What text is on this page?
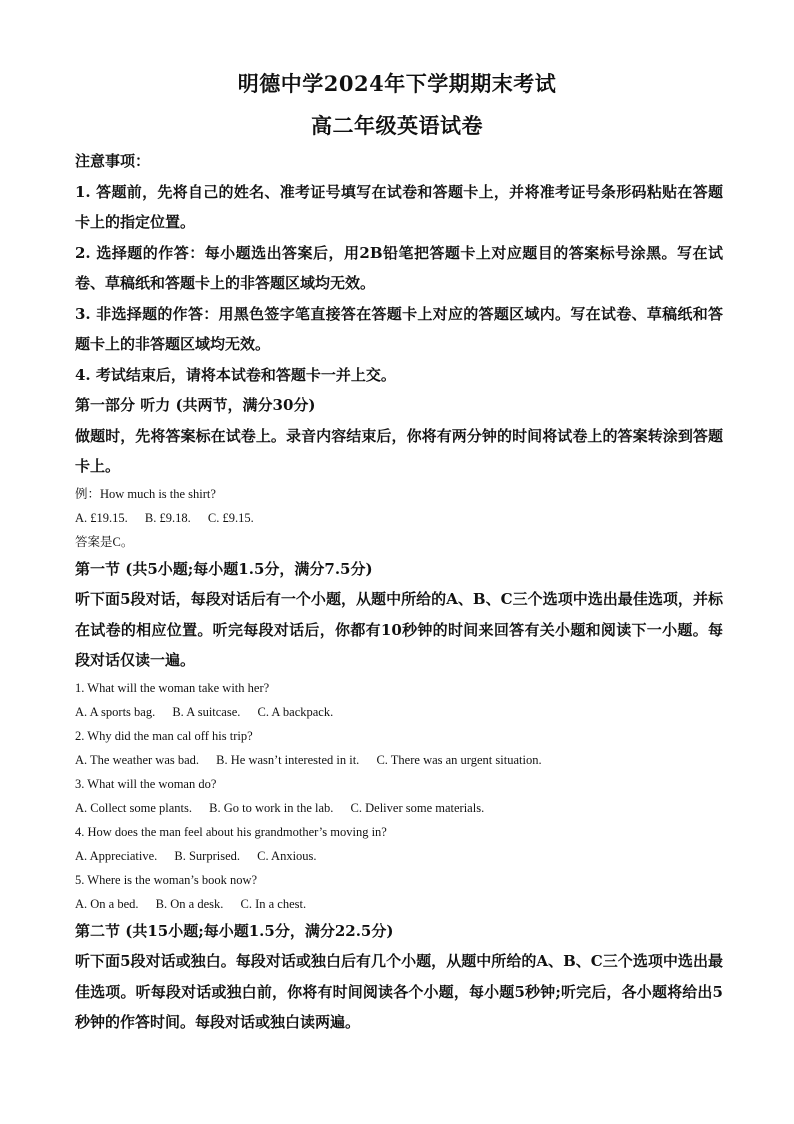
明德中学2024年下学期期末考试
高二年级英语试卷

注意事项：

1. 答题前，先将自己的姓名、准考证号填写在试卷和答题卡上，并将准考证号条形码粘贴在答题卡上的指定位置。

2. 选择题的作答：每小题选出答案后，用2B铅笔把答题卡上对应题目的答案标号涂黑。写在试卷、草稿纸和答题卡上的非答题区域均无效。

3. 非选择题的作答：用黑色签字笔直接答在答题卡上对应的答题区域内。写在试卷、草稿纸和答题卡上的非答题区域均无效。

4. 考试结束后，请将本试卷和答题卡一并上交。

第一部分 听力 (共两节，满分30分)

做题时，先将答案标在试卷上。录音内容结束后，你将有两分钟的时间将试卷上的答案转涂到答题卡上。

例：How much is the shirt?

A. £19.15. B. £9.18. C. £9.15.

答案是C。

第一节 (共5小题;每小题1.5分，满分7.5分)

听下面5段对话，每段对话后有一个小题，从题中所给的A、B、C三个选项中选出最佳选项，并标在试卷的相应位置。听完每段对话后，你都有10秒钟的时间来回答有关小题和阅读下一小题。每段对话仅读一遍。

1. What will the woman take with her?

A. A sports bag. B. A suitcase. C. A backpack.

2. Why did the man cal off his trip?

A. The weather was bad. B. He wasn’t interested in it. C. There was an urgent situation.

3. What will the woman do?

A. Collect some plants. B. Go to work in the lab. C. Deliver some materials.

4. How does the man feel about his grandmother’s moving in?

A. Appreciative. B. Surprised. C. Anxious.

5. Where is the woman’s book now?

A. On a bed. B. On a desk. C. In a chest.

第二节 (共15小题;每小题1.5分，满分22.5分)

听下面5段对话或独白。每段对话或独白后有几个小题，从题中所给的A、B、C三个选项中选出最佳选项。听每段对话或独白前，你将有时间阅读各个小题，每小题5秒钟;听完后，各小题将给出5秒钟的作答时间。每段对话或独白读两遍。
